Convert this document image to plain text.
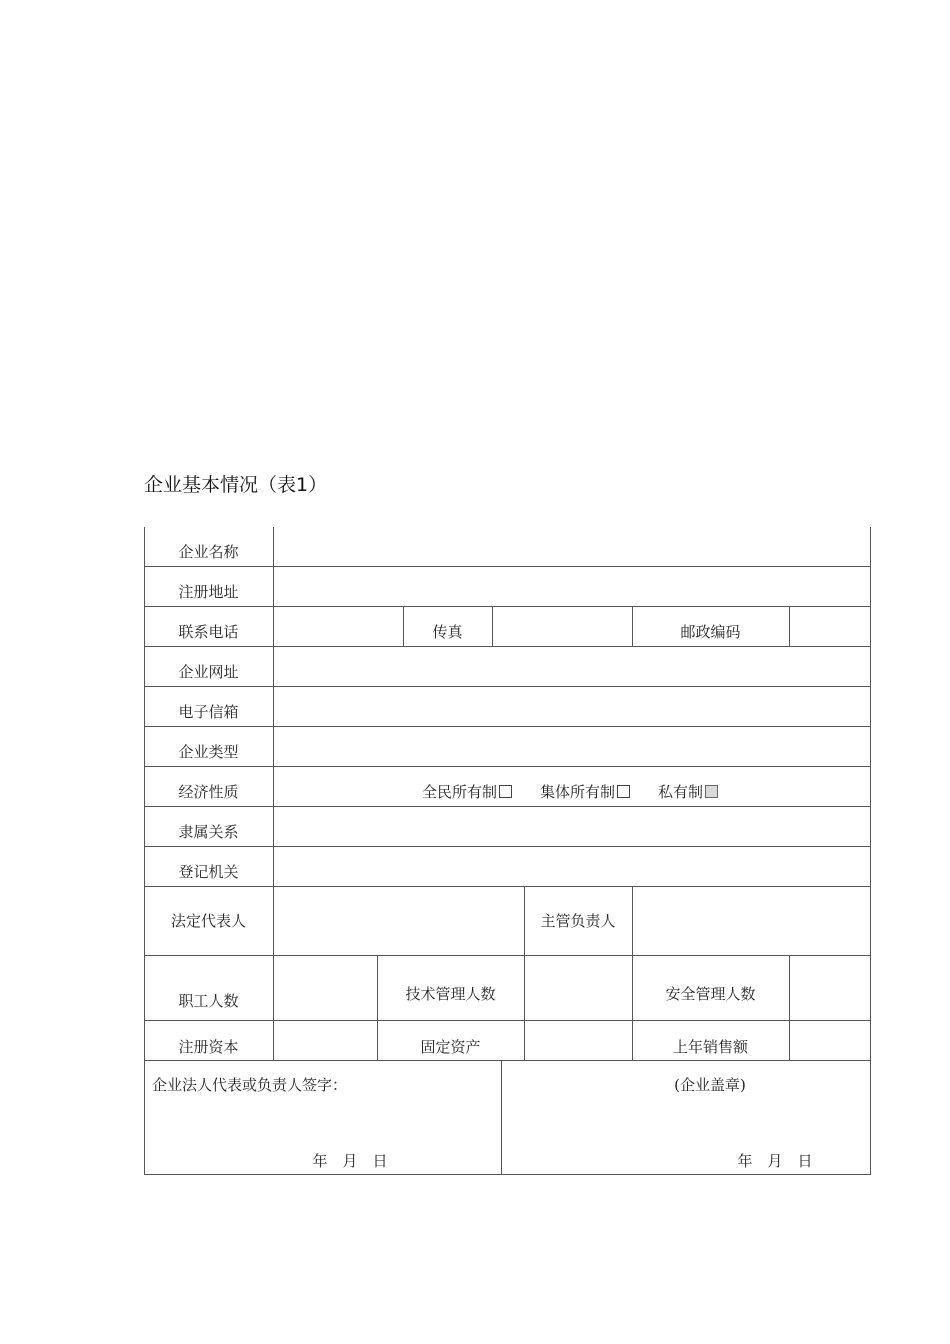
企业基本情况（表1）
企业名称
注册地址
联系电话	传真	邮政编码
企业网址
电子信箱
企业类型
经济性质	全民所有制	集体所有制	私有制
隶属关系
登记机关
法定代表人	主管负责人
职工人数	技术管理人数	安全管理人数
注册资本	固定资产	上年销售额
企业法人代表或负责人签字：
年　月　日
(企业盖章)
年　月　日
